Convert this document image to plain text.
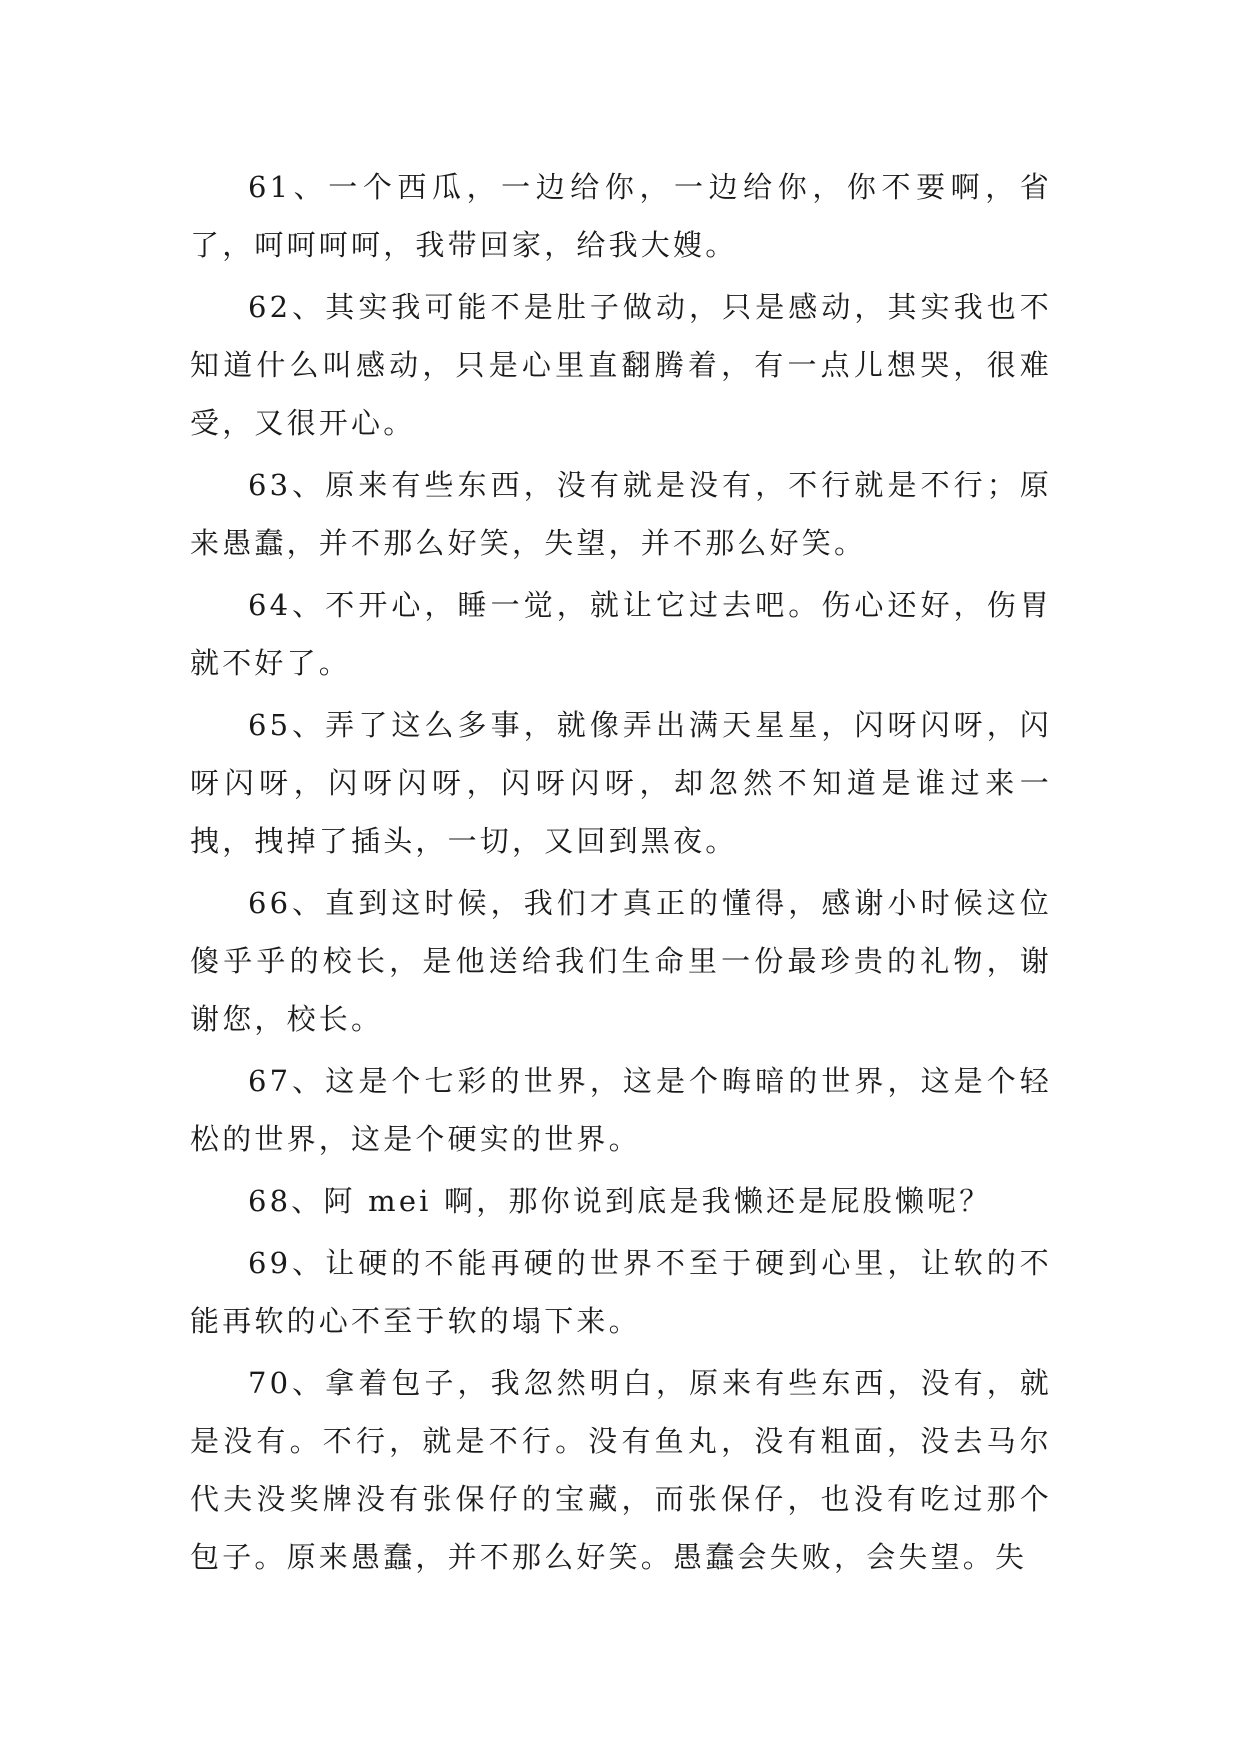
61、一个西瓜，一边给你，一边给你，你不要啊，省了，呵呵呵呵，我带回家，给我大嫂。

62、其实我可能不是肚子做动，只是感动，其实我也不知道什么叫感动，只是心里直翻腾着，有一点儿想哭，很难受，又很开心。

63、原来有些东西，没有就是没有，不行就是不行；原来愚蠢，并不那么好笑，失望，并不那么好笑。

64、不开心，睡一觉，就让它过去吧。伤心还好，伤胃就不好了。

65、弄了这么多事，就像弄出满天星星，闪呀闪呀，闪呀闪呀，闪呀闪呀，闪呀闪呀，却忽然不知道是谁过来一拽，拽掉了插头，一切，又回到黑夜。

66、直到这时候，我们才真正的懂得，感谢小时候这位傻乎乎的校长，是他送给我们生命里一份最珍贵的礼物，谢谢您，校长。

67、这是个七彩的世界，这是个晦暗的世界，这是个轻松的世界，这是个硬实的世界。

68、阿 mei 啊，那你说到底是我懒还是屁股懒呢？

69、让硬的不能再硬的世界不至于硬到心里，让软的不能再软的心不至于软的塌下来。

70、拿着包子，我忽然明白，原来有些东西，没有，就是没有。不行，就是不行。没有鱼丸，没有粗面，没去马尔代夫没奖牌没有张保仔的宝藏，而张保仔，也没有吃过那个包子。原来愚蠢，并不那么好笑。愚蠢会失败，会失望。失
